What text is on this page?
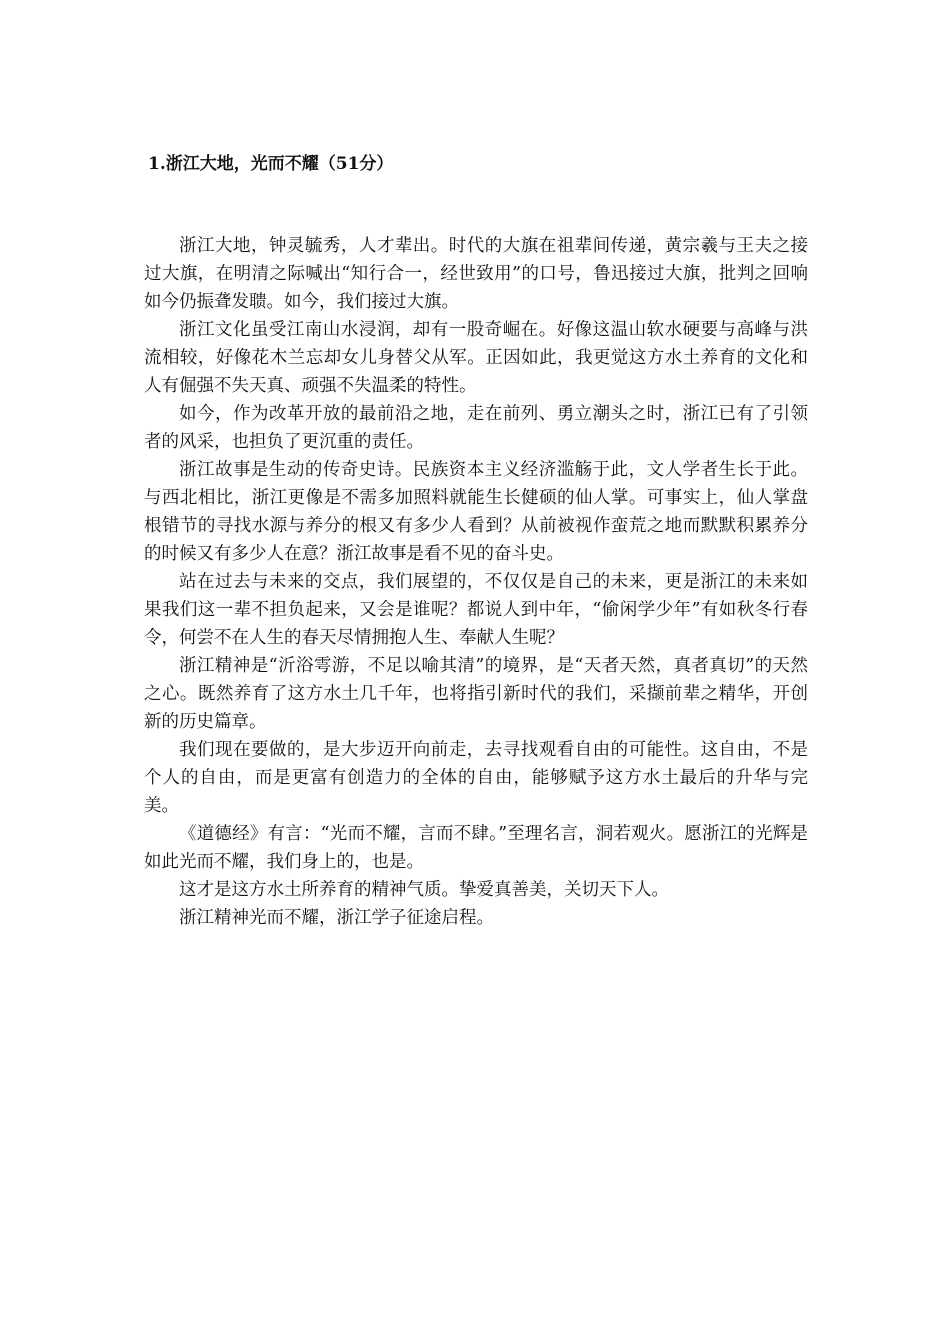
1.浙江大地，光而不耀（51分）

浙江大地，钟灵毓秀，人才辈出。时代的大旗在祖辈间传递，黄宗羲与王夫之接过大旗，在明清之际喊出“知行合一，经世致用”的口号，鲁迅接过大旗，批判之回响如今仍振聋发聩。如今，我们接过大旗。

浙江文化虽受江南山水浸润，却有一股奇崛在。好像这温山软水硬要与高峰与洪流相较，好像花木兰忘却女儿身替父从军。正因如此，我更觉这方水土养育的文化和人有倔强不失天真、顽强不失温柔的特性。

如今，作为改革开放的最前沿之地，走在前列、勇立潮头之时，浙江已有了引领者的风采，也担负了更沉重的责任。

浙江故事是生动的传奇史诗。民族资本主义经济滥觞于此，文人学者生长于此。与西北相比，浙江更像是不需多加照料就能生长健硕的仙人掌。可事实上，仙人掌盘根错节的寻找水源与养分的根又有多少人看到？从前被视作蛮荒之地而默默积累养分的时候又有多少人在意？浙江故事是看不见的奋斗史。

站在过去与未来的交点，我们展望的，不仅仅是自己的未来，更是浙江的未来如果我们这一辈不担负起来，又会是谁呢？都说人到中年，“偷闲学少年”有如秋冬行春令，何尝不在人生的春天尽情拥抱人生、奉献人生呢？

浙江精神是“沂浴雩游，不足以喻其清”的境界，是“天者天然，真者真切”的天然之心。既然养育了这方水土几千年，也将指引新时代的我们，采撷前辈之精华，开创新的历史篇章。

我们现在要做的，是大步迈开向前走，去寻找观看自由的可能性。这自由，不是个人的自由，而是更富有创造力的全体的自由，能够赋予这方水土最后的升华与完美。

《道德经》有言：“光而不耀，言而不肆。”至理名言，洞若观火。愿浙江的光辉是如此光而不耀，我们身上的，也是。

这才是这方水土所养育的精神气质。挚爱真善美，关切天下人。

浙江精神光而不耀，浙江学子征途启程。
